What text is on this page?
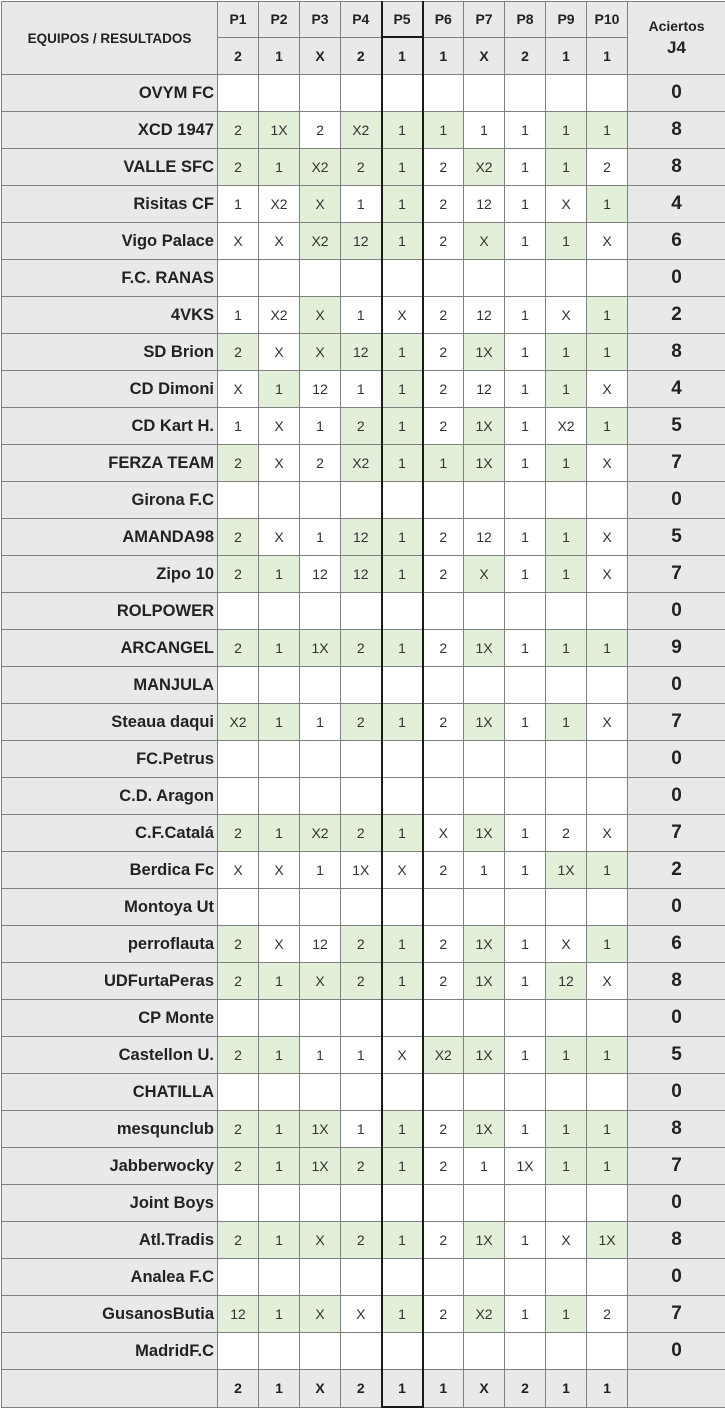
EQUIPOS / RESULTADOS	P1	P2	P3	P4	P5	P6	P7	P8	P9	P10	Aciertos
J4

	2	1	X	2	1	1	X	2	1	1	
OVYM FC											0
XCD 1947	2	1X	2	X2	1	1	1	1	1	1	8
VALLE SFC	2	1	X2	2	1	2	X2	1	1	2	8
Risitas CF	1	X2	X	1	1	2	12	1	X	1	4
Vigo Palace	X	X	X2	12	1	2	X	1	1	X	6
F.C. RANAS											0
4VKS	1	X2	X	1	X	2	12	1	X	1	2
SD Brion	2	X	X	12	1	2	1X	1	1	1	8
CD Dimoni	X	1	12	1	1	2	12	1	1	X	4
CD Kart H.	1	X	1	2	1	2	1X	1	X2	1	5
FERZA TEAM	2	X	2	X2	1	1	1X	1	1	X	7
Girona F.C											0
AMANDA98	2	X	1	12	1	2	12	1	1	X	5
Zipo 10	2	1	12	12	1	2	X	1	1	X	7
ROLPOWER											0
ARCANGEL	2	1	1X	2	1	2	1X	1	1	1	9
MANJULA											0
Steaua daqui	X2	1	1	2	1	2	1X	1	1	X	7
FC.Petrus											0
C.D. Aragon											0
C.F.Catalá	2	1	X2	2	1	X	1X	1	2	X	7
Berdica Fc	X	X	1	1X	X	2	1	1	1X	1	2
Montoya Ut											0
perroflauta	2	X	12	2	1	2	1X	1	X	1	6
UDFurtaPeras	2	1	X	2	1	2	1X	1	12	X	8
CP Monte											0
Castellon U.	2	1	1	1	X	X2	1X	1	1	1	5
CHATILLA											0
mesqunclub	2	1	1X	1	1	2	1X	1	1	1	8
Jabberwocky	2	1	1X	2	1	2	1	1X	1	1	7
Joint Boys											0
Atl.Tradis	2	1	X	2	1	2	1X	1	X	1X	8
Analea F.C											0
GusanosButia	12	1	X	X	1	2	X2	1	1	2	7
MadridF.C											0
	2	1	X	2	1	1	X	2	1	1	
